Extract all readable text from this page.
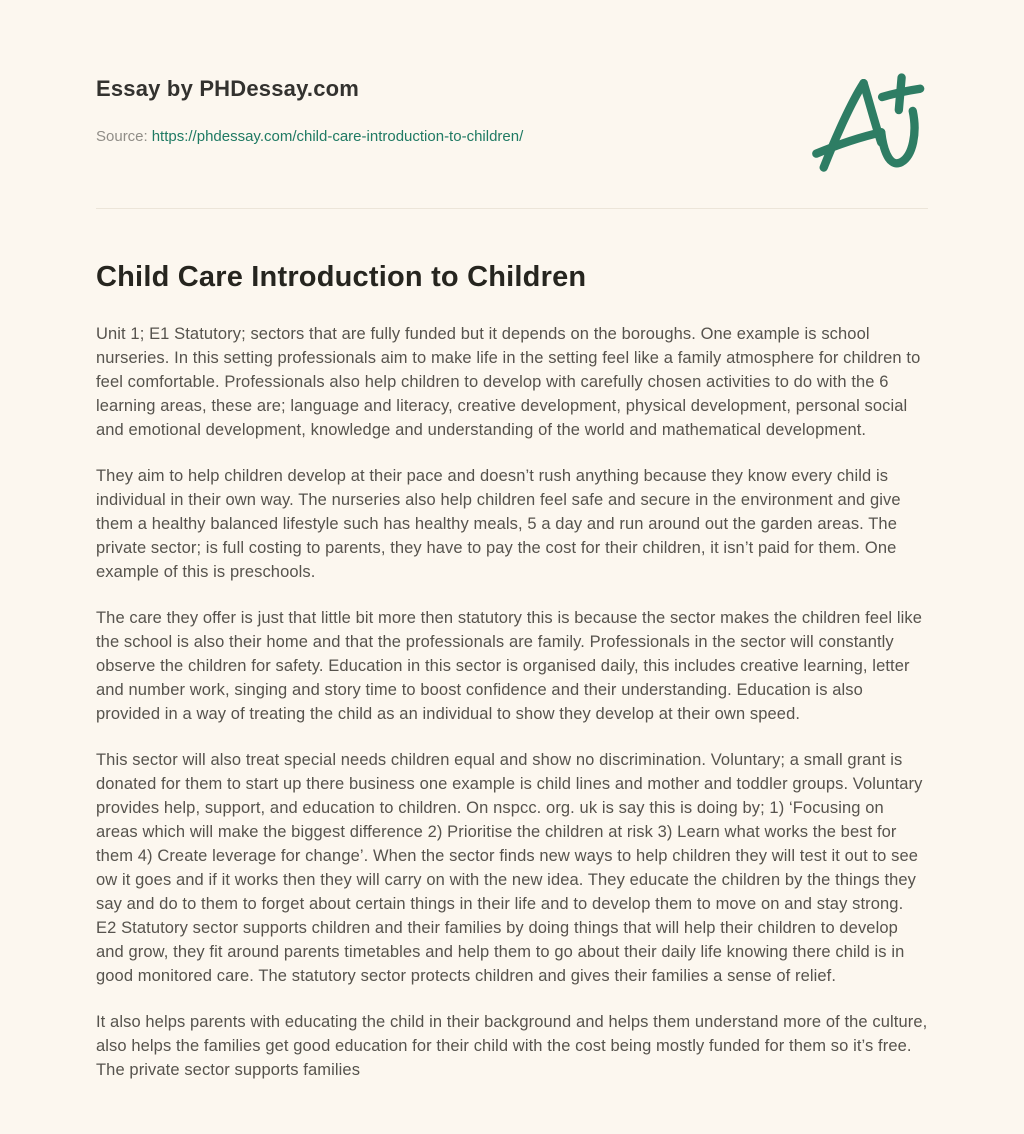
Essay by PHDessay.com
Source: https://phdessay.com/child-care-introduction-to-children/
Child Care Introduction to Children

Unit 1; E1 Statutory; sectors that are fully funded but it depends on the boroughs. One example is school nurseries. In this setting professionals aim to make life in the setting feel like a family atmosphere for children to feel comfortable. Professionals also help children to develop with carefully chosen activities to do with the 6 learning areas, these are; language and literacy, creative development, physical development, personal social and emotional development, knowledge and understanding of the world and mathematical development.

They aim to help children develop at their pace and doesn’t rush anything because they know every child is individual in their own way. The nurseries also help children feel safe and secure in the environment and give them a healthy balanced lifestyle such has healthy meals, 5 a day and run around out the garden areas. The private sector; is full costing to parents, they have to pay the cost for their children, it isn’t paid for them. One example of this is preschools.

The care they offer is just that little bit more then statutory this is because the sector makes the children feel like the school is also their home and that the professionals are family. Professionals in the sector will constantly observe the children for safety. Education in this sector is organised daily, this includes creative learning, letter and number work, singing and story time to boost confidence and their understanding. Education is also provided in a way of treating the child as an individual to show they develop at their own speed.

This sector will also treat special needs children equal and show no discrimination. Voluntary; a small grant is donated for them to start up there business one example is child lines and mother and toddler groups. Voluntary provides help, support, and education to children. On nspcc. org. uk is say this is doing by; 1) ‘Focusing on areas which will make the biggest difference 2) Prioritise the children at risk 3) Learn what works the best for them 4) Create leverage for change’. When the sector finds new ways to help children they will test it out to see ow it goes and if it works then they will carry on with the new idea. They educate the children by the things they say and do to them to forget about certain things in their life and to develop them to move on and stay strong. E2 Statutory sector supports children and their families by doing things that will help their children to develop and grow, they fit around parents timetables and help them to go about their daily life knowing there child is in good monitored care. The statutory sector protects children and gives their families a sense of relief.

It also helps parents with educating the child in their background and helps them understand more of the culture, also helps the families get good education for their child with the cost being mostly funded for them so it’s free. The private sector supports families
